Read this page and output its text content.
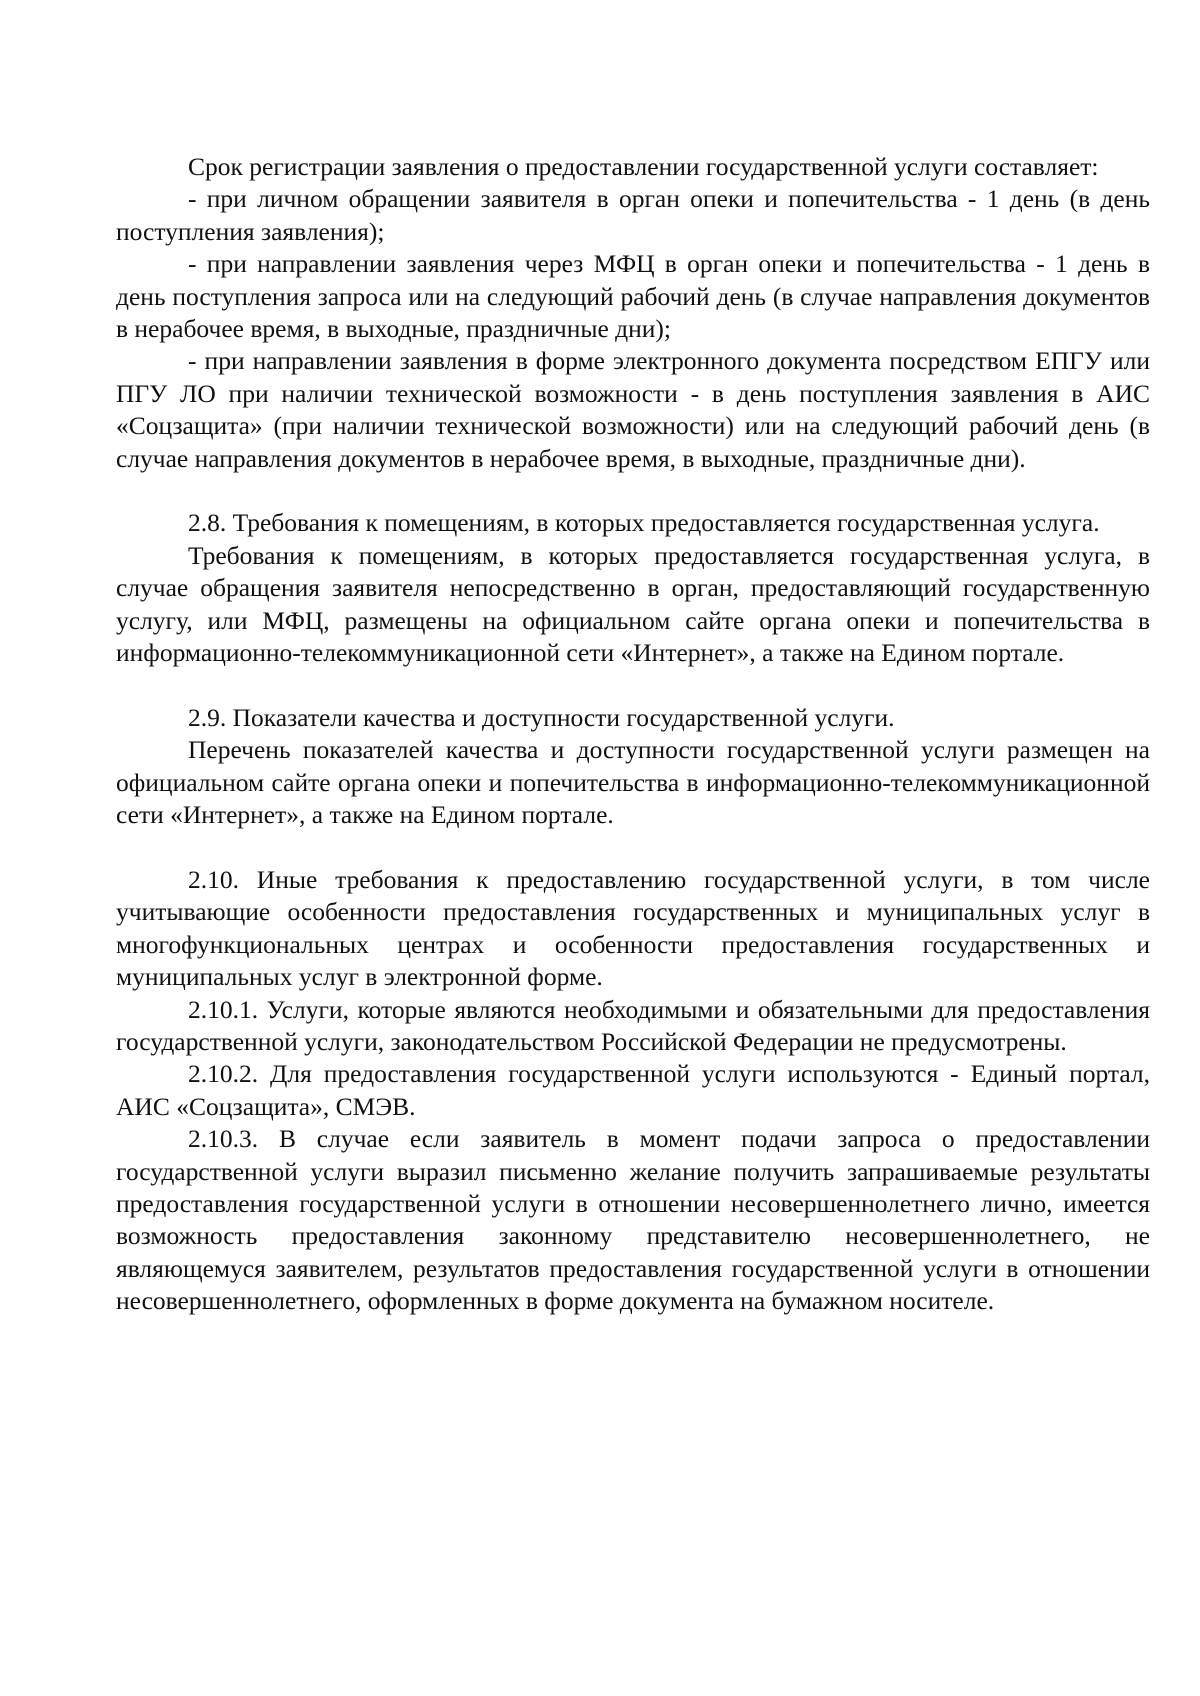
Срок регистрации заявления о предоставлении государственной услуги составляет:

- при личном обращении заявителя в орган опеки и попечительства - 1 день (в день поступления заявления);

- при направлении заявления через МФЦ в орган опеки и попечительства - 1 день в день поступления запроса или на следующий рабочий день (в случае направления документов в нерабочее время, в выходные, праздничные дни);

- при направлении заявления в форме электронного документа посредством ЕПГУ или ПГУ ЛО при наличии технической возможности - в день поступления заявления в АИС «Соцзащита» (при наличии технической возможности) или на следующий рабочий день (в случае направления документов в нерабочее время, в выходные, праздничные дни).

2.8. Требования к помещениям, в которых предоставляется государственная услуга.

Требования к помещениям, в которых предоставляется государственная услуга, в случае обращения заявителя непосредственно в орган, предоставляющий государственную услугу, или МФЦ, размещены на официальном сайте органа опеки и попечительства в информационно-телекоммуникационной сети «Интернет», а также на Едином портале.

2.9. Показатели качества и доступности государственной услуги.

Перечень показателей качества и доступности государственной услуги размещен на официальном сайте органа опеки и попечительства в информационно-телекоммуникационной сети «Интернет», а также на Едином портале.

2.10. Иные требования к предоставлению государственной услуги, в том числе учитывающие особенности предоставления государственных и муниципальных услуг в многофункциональных центрах и особенности предоставления государственных и муниципальных услуг в электронной форме.

2.10.1. Услуги, которые являются необходимыми и обязательными для предоставления государственной услуги, законодательством Российской Федерации не предусмотрены.

2.10.2. Для предоставления государственной услуги используются - Единый портал, АИС «Соцзащита», СМЭВ.

2.10.3. В случае если заявитель в момент подачи запроса о предоставлении государственной услуги выразил письменно желание получить запрашиваемые результаты предоставления государственной услуги в отношении несовершеннолетнего лично, имеется возможность предоставления законному представителю несовершеннолетнего, не являющемуся заявителем, результатов предоставления государственной услуги в отношении несовершеннолетнего, оформленных в форме документа на бумажном носителе.
